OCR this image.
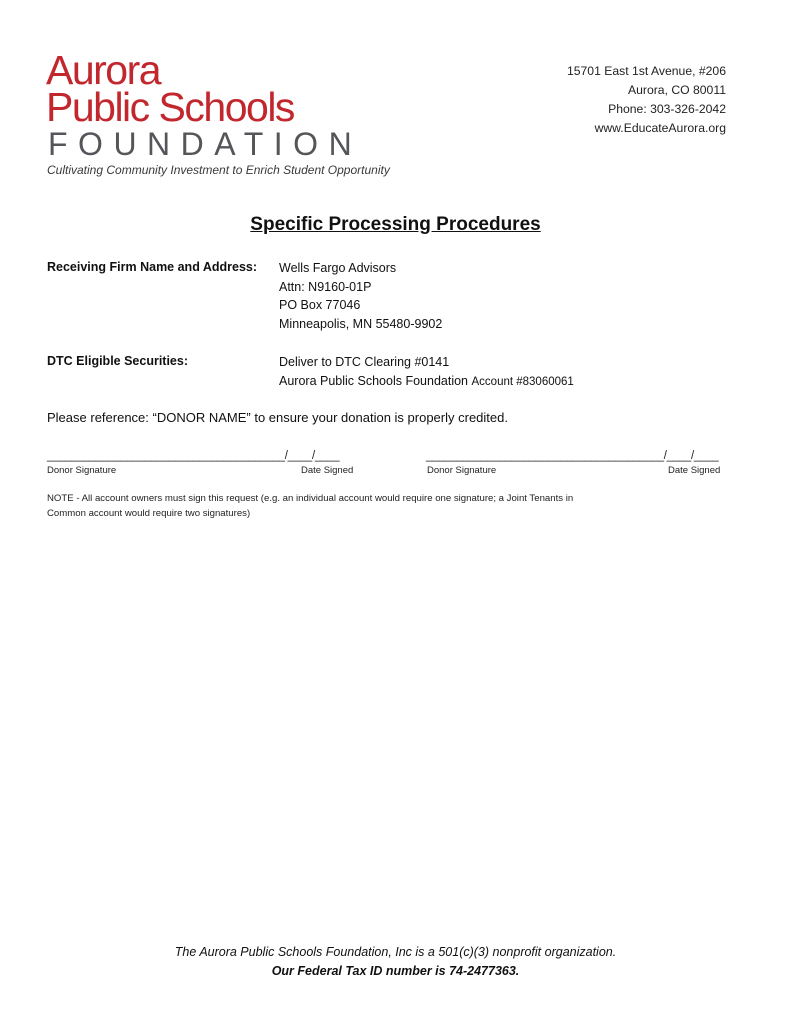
Aurora
Public Schools
FOUNDATION
Cultivating Community Investment to Enrich Student Opportunity
15701 East 1st Avenue, #206
Aurora, CO 80011
Phone: 303-326-2042
www.EducateAurora.org
Specific Processing Procedures
Receiving Firm Name and Address: Wells Fargo Advisors
Attn: N9160-01P
PO Box 77046
Minneapolis, MN 55480-9902
DTC Eligible Securities:	Deliver to DTC Clearing #0141
Aurora Public Schools Foundation Account #83060061
Please reference: “DONOR NAME” to ensure your donation is properly credited.
_______________________________________/____/____	_______________________________________/____/____
Donor Signature	Date Signed	Donor Signature	Date Signed
NOTE - All account owners must sign this request (e.g. an individual account would require one signature; a Joint Tenants in Common account would require two signatures)
The Aurora Public Schools Foundation, Inc is a 501(c)(3) nonprofit organization.
Our Federal Tax ID number is 74-2477363.
